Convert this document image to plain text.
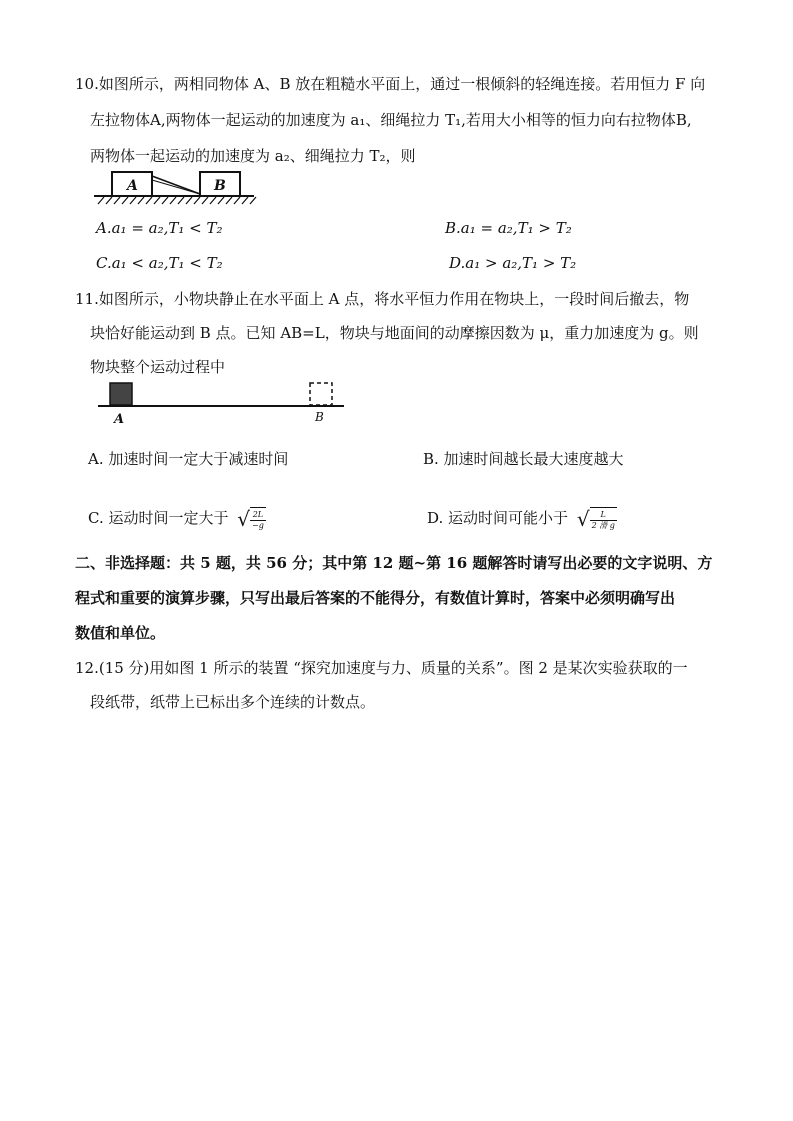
10.如图所示，两相同物体 A、B 放在粗糙水平面上，通过一根倾斜的轻绳连接。若用恒力 F 向
左拉物体A,两物体一起运动的加速度为 a₁、细绳拉力 T₁,若用大小相等的恒力向右拉物体B,
两物体一起运动的加速度为 a₂、细绳拉力 T₂，则
A	B
A.a₁ = a₂,T₁ < T₂	B.a₁ = a₂,T₁ > T₂
C.a₁ < a₂,T₁ < T₂	D.a₁ > a₂,T₁ > T₂
11.如图所示，小物块静止在水平面上 A 点，将水平恒力作用在物块上，一段时间后撤去，物
块恰好能运动到 B 点。已知 AB=L，物块与地面间的动摩擦因数为 μ，重力加速度为 g。则
物块整个运动过程中
A	B
A. 加速时间一定大于减速时间	B. 加速时间越长最大速度越大
C. 运动时间一定大于 √ $\frac{2L}{-g}$	D. 运动时间可能小于 √ $\frac{L}{\text{2 滑 g}}$
二、非选择题：共 5 题，共 56 分；其中第 12 题~第 16 题解答时请写出必要的文字说明、方
程式和重要的演算步骤，只写出最后答案的不能得分，有数值计算时，答案中必须明确写出
数值和单位。
12.(15 分)用如图 1 所示的装置 “探究加速度与力、质量的关系”。图 2 是某次实验获取的一
段纸带，纸带上已标出多个连续的计数点。
